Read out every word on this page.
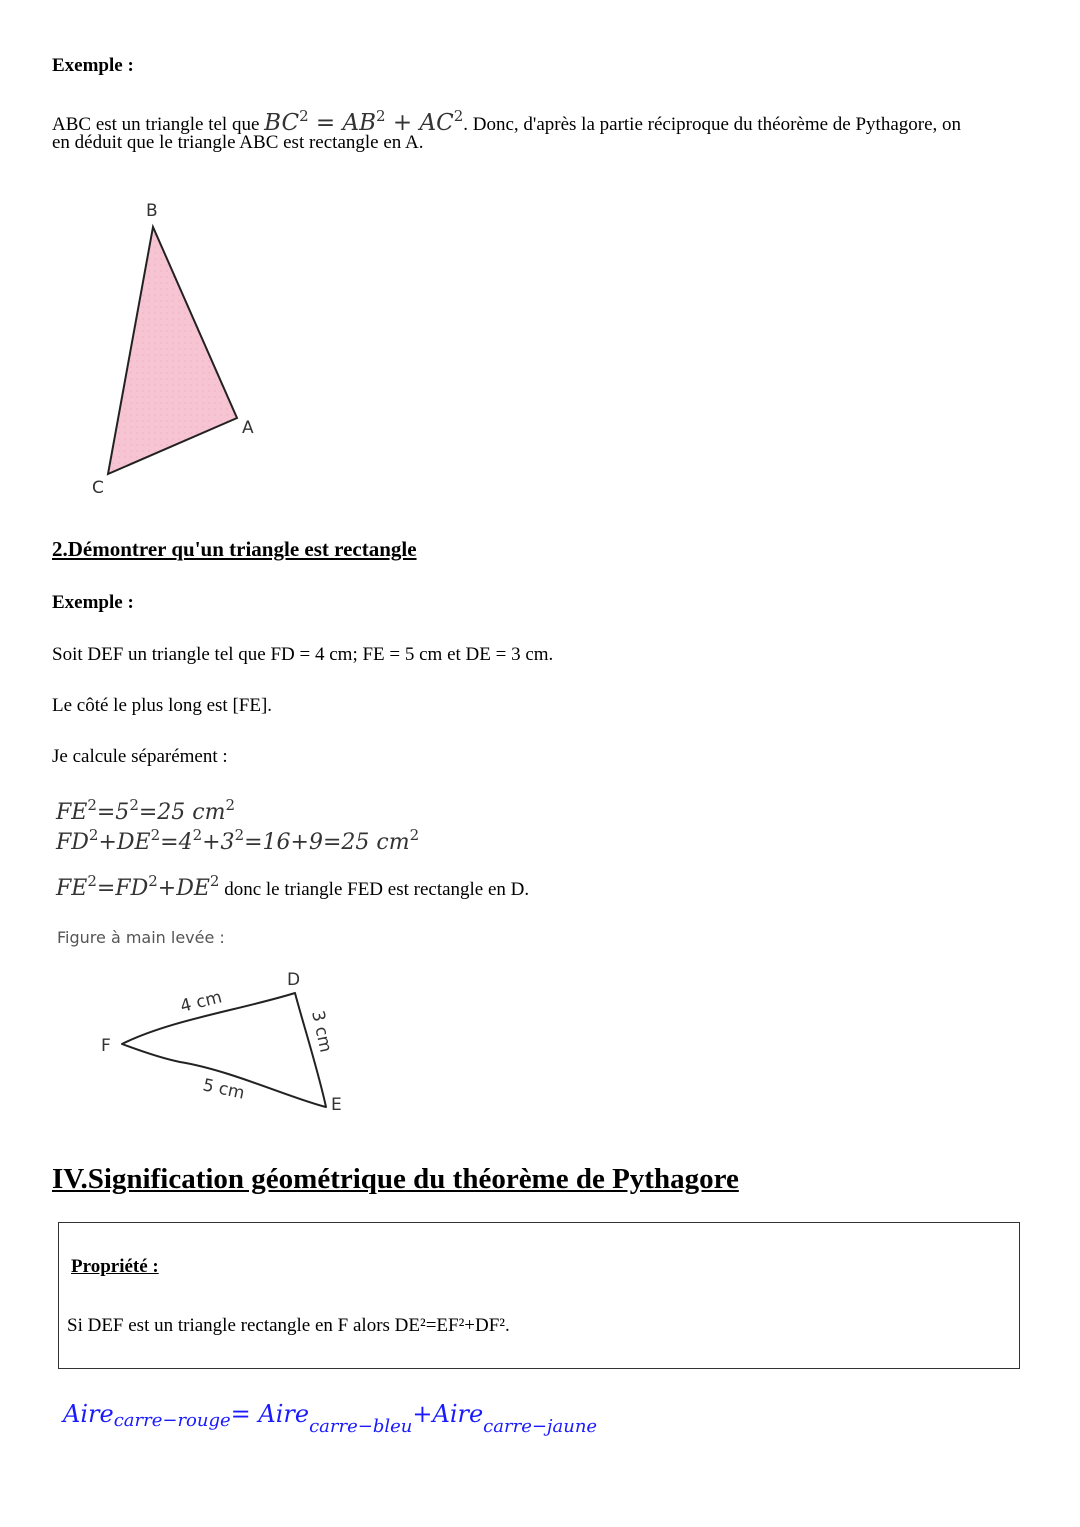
Exemple :
ABC est un triangle tel que $BC^2 = AB^2 + AC^2$. Donc, d'après la partie réciproque du théorème de Pythagore, on
en déduit que le triangle ABC est rectangle en A.
B
A
C
2.Démontrer qu'un triangle est rectangle
Exemple :
Soit DEF un triangle tel que FD = 4 cm; FE = 5 cm et DE = 3 cm.
Le côté le plus long est [FE].
Je calcule séparément :
$FE^2=5^2=25$ $cm^2$
$FD^2+DE^2=4^2+3^2=16+9=25$ $cm^2$
$FE^2=FD^2+DE^2$ donc le triangle FED est rectangle en D.
Figure à main levée :
D
F
E
4 cm
3 cm
5 cm
IV.Signification géométrique du théorème de Pythagore
Propriété :
Si DEF est un triangle rectangle en F alors DE²=EF²+DF².
Airecarre−rouge= Airecarre−bleu+Airecarre−jaune
